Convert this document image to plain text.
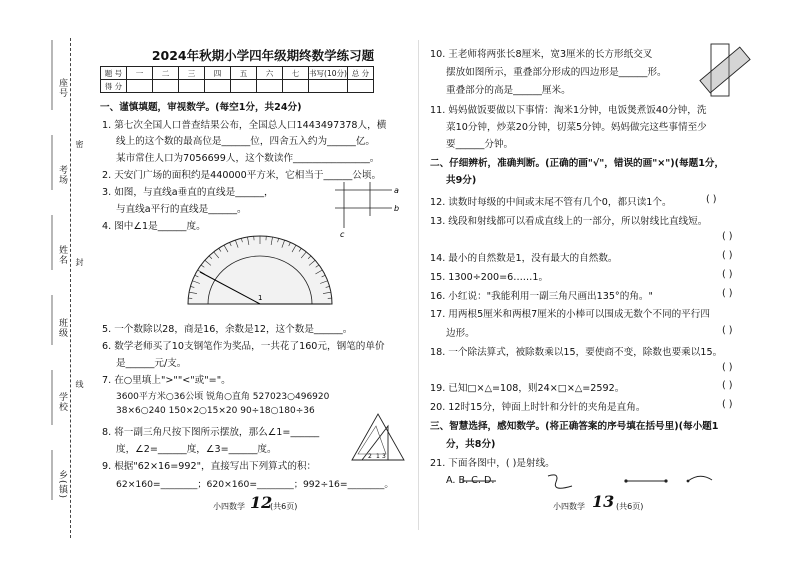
座号
考场
姓名
班级
学校
乡(镇)
密
封
线
2024年秋期小学四年级期终数学练习题
题 号	一	二	三	四	五	六	七	书写(10分)	总 分
得 分									
一、谨慎填题，审视数学。(每空1分，共24分)
1. 第七次全国人口普查结果公布，全国总人口1443497378人，横
线上的这个数的最高位是______位，四舍五入约为______亿。
某市常住人口为7056699人，这个数读作________________。
2. 天安门广场的面积约是440000平方米，它相当于______公顷。
3. 如图，与直线a垂直的直线是______，
与直线a平行的直线是______。
4. 图中∠1是______度。
a
b
c
1
5. 一个数除以28，商是16，余数是12，这个数是______。
6. 数学老师买了10支钢笔作为奖品，一共花了160元，钢笔的单价
是______元/支。
7. 在○里填上">""<"或"="。
3600平方米○36公顷 锐角○直角 527023○496920
38×6○240 150×2○15×20 90÷18○180÷36
8. 将一副三角尺按下图所示摆放，那么∠1=______
度，∠2=______度，∠3=______度。
2 1 3
9. 根据"62×16=992"，直接写出下列算式的积：
62×160=________；620×160=________；992÷16=________。
小四数学 12
(共6页)
10. 王老师将两张长8厘米，宽3厘米的长方形纸交叉
摆放如图所示，重叠部分形成的四边形是______形。
重叠部分的高是______厘米。
11. 妈妈做饭要做以下事情：淘米1分钟，电饭煲煮饭40分钟，洗
菜10分钟，炒菜20分钟，切菜5分钟。妈妈做完这些事情至少
要______分钟。
二、仔细辨析，准确判断。(正确的画"√"，错误的画"×")(每题1分，
共9分)
12. 读数时每级的中间或末尾不管有几个0，都只读1个。	( )
13. 线段和射线都可以看成直线上的一部分，所以射线比直线短。
( )
14. 最小的自然数是1，没有最大的自然数。	( )
15. 1300÷200=6……1。	( )
16. 小红说："我能利用一副三角尺画出135°的角。"	( )
17. 用两根5厘米和两根7厘米的小棒可以围成无数个不同的平行四
边形。	( )
18. 一个除法算式，被除数乘以15，要使商不变，除数也要乘以15。
( )
19. 已知□×△=108，则24×□×△=2592。	( )
20. 12时15分，钟面上时针和分针的夹角是直角。	( )
三、智慧选择，感知数学。(将正确答案的序号填在括号里)(每小题1
分，共8分)
21. 下面各图中，( )是射线。
A. B. C. D.
小四数学 13 (共6页)
